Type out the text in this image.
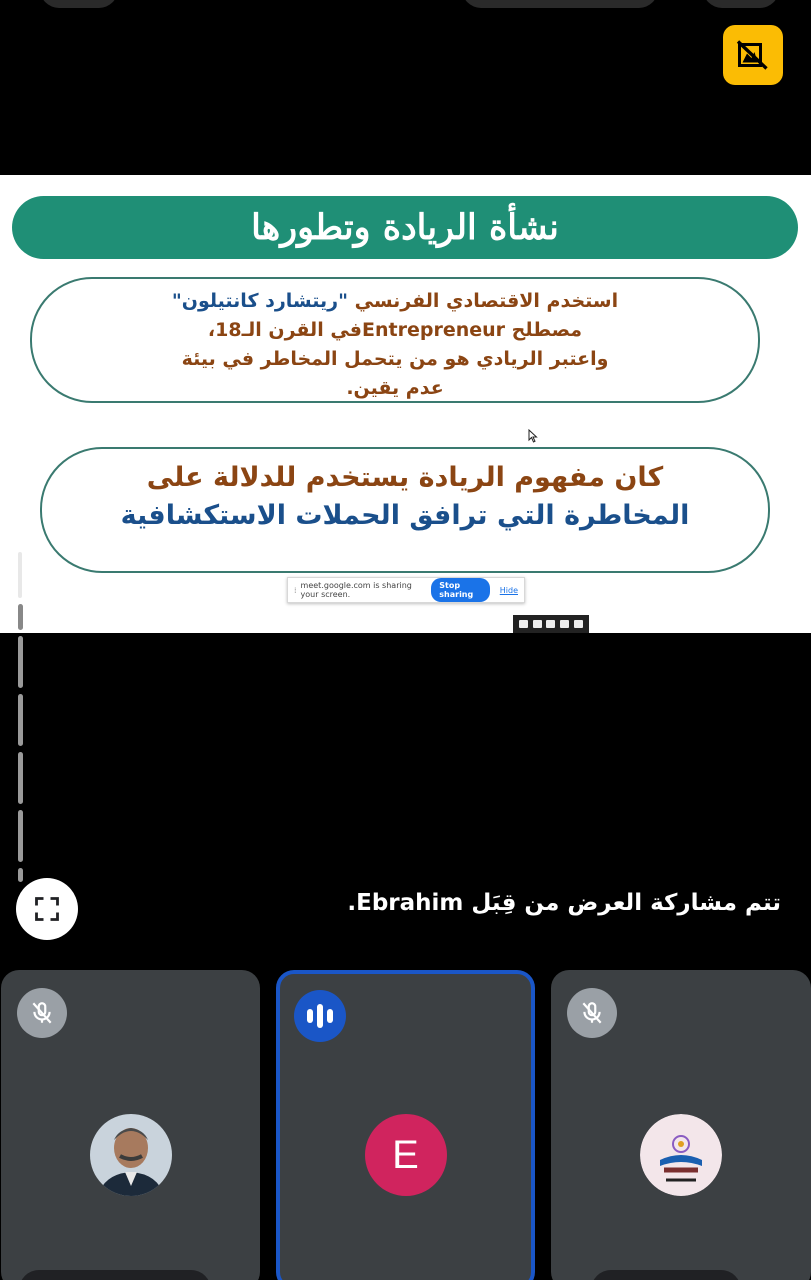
نشأة الريادة وتطورها
استخدم الاقتصادي الفرنسي "ريتشارد كانتيلون"
مصطلح Entrepreneurفي القرن الـ18،
واعتبر الريادي هو من يتحمل المخاطر في بيئة
عدم يقين.
كان مفهوم الريادة يستخدم للدلالة على
المخاطرة التي ترافق الحملات الاستكشافية
⁞ meet.google.com is sharing your screen.
Stop sharing	Hide
تتم مشاركة العرض من قِبَل Ebrahim.
E
